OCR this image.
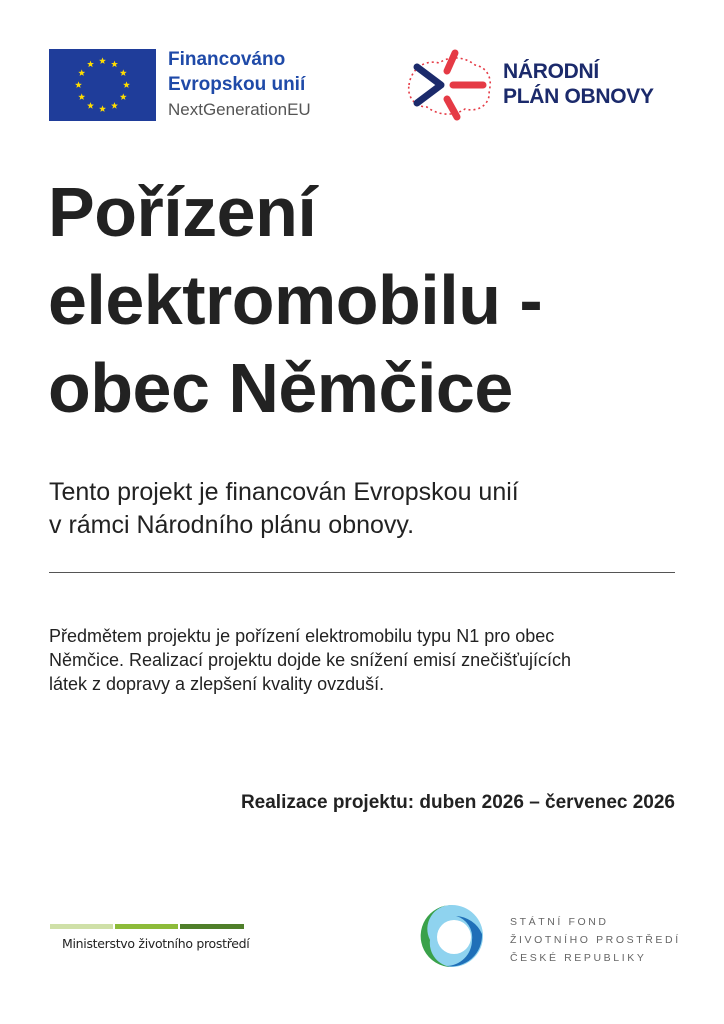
Financováno
Evropskou unií
NextGenerationEU
NÁRODNÍ
PLÁN OBNOVY
Pořízení
elektromobilu -
obec Němčice
Tento projekt je financován Evropskou unií
v rámci Národního plánu obnovy.
Předmětem projektu je pořízení elektromobilu typu N1 pro obec
Němčice. Realizací projektu dojde ke snížení emisí znečišťujících
látek z dopravy a zlepšení kvality ovzduší.
Realizace projektu: duben 2026 – červenec 2026
Ministerstvo životního prostředí
STÁTNÍ FOND
ŽIVOTNÍHO PROSTŘEDÍ
ČESKÉ REPUBLIKY
